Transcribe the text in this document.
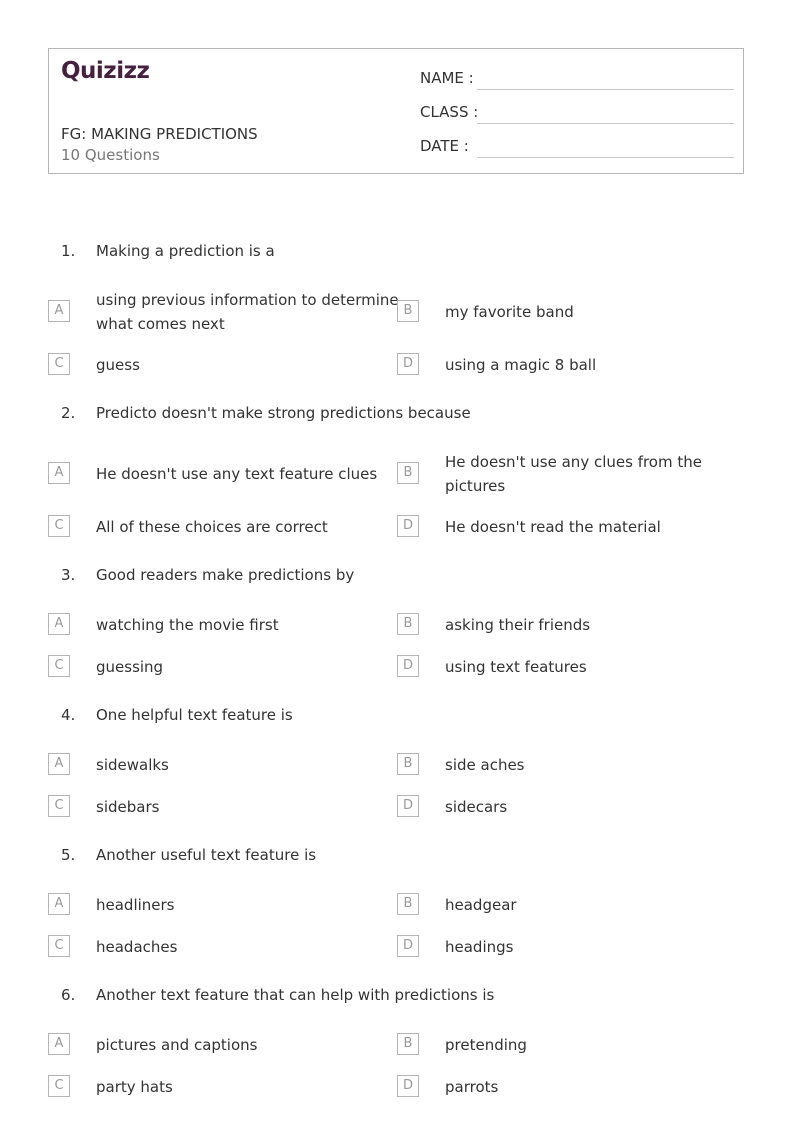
Quizizz
FG: MAKING PREDICTIONS
10 Questions
NAME :
CLASS :
DATE :
1. Making a prediction is a
A
using previous information to determine
what comes next
B	my favorite band
C	guess	D	using a magic 8 ball
2. Predicto doesn't make strong predictions because
A	He doesn't use any text feature clues	B
He doesn't use any clues from the
pictures
C	All of these choices are correct	D	He doesn't read the material
3. Good readers make predictions by
A	watching the movie first	B	asking their friends
C	guessing	D	using text features
4. One helpful text feature is
A	sidewalks	B	side aches
C	sidebars	D	sidecars
5. Another useful text feature is
A	headliners	B	headgear
C	headaches	D	headings
6. Another text feature that can help with predictions is
A	pictures and captions	B	pretending
C	party hats	D	parrots
